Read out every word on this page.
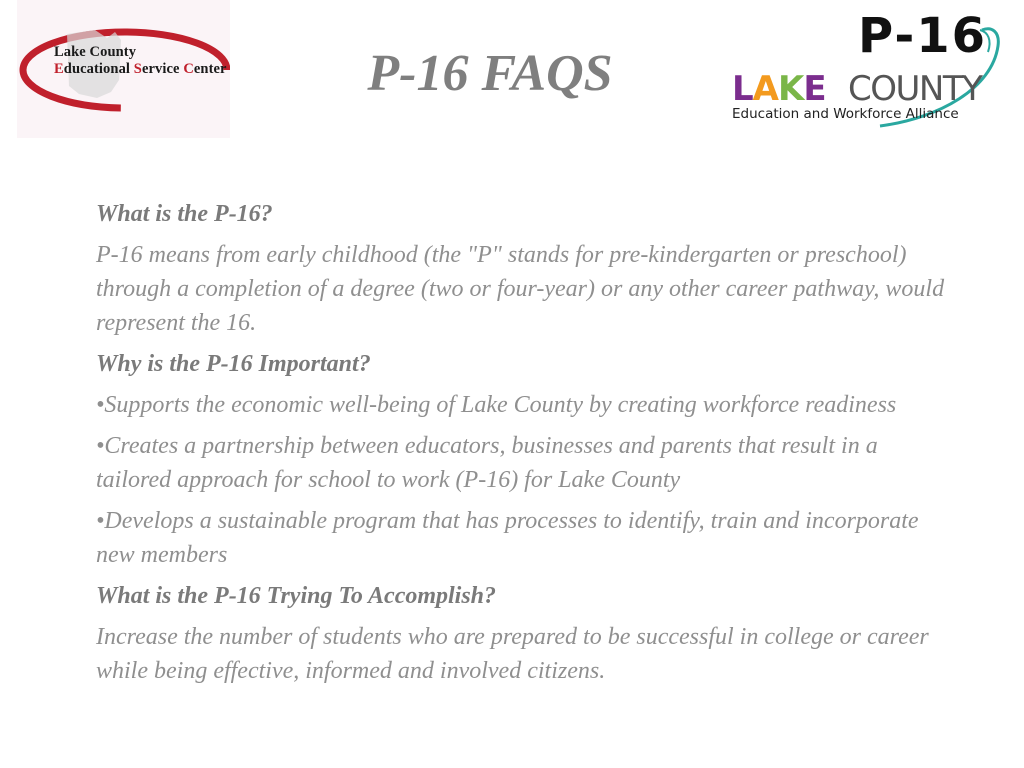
Lake County
Educational Service Center	P-16 FAQS
P-16
LAKE COUNTY
Education and Workforce Alliance
What is the P-16?
P-16 means from early childhood (the "P" stands for pre-kindergarten or preschool) through a completion of a degree (two or four-year) or any other career pathway, would represent the 16.
Why is the P-16 Important?
•Supports the economic well-being of Lake County by creating workforce readiness
•Creates a partnership between educators, businesses and parents that result in a tailored approach for school to work (P-16) for Lake County
•Develops a sustainable program that has processes to identify, train and incorporate new members
What is the P-16 Trying To Accomplish?
Increase the number of students who are prepared to be successful in college or career while being effective, informed and involved citizens.
